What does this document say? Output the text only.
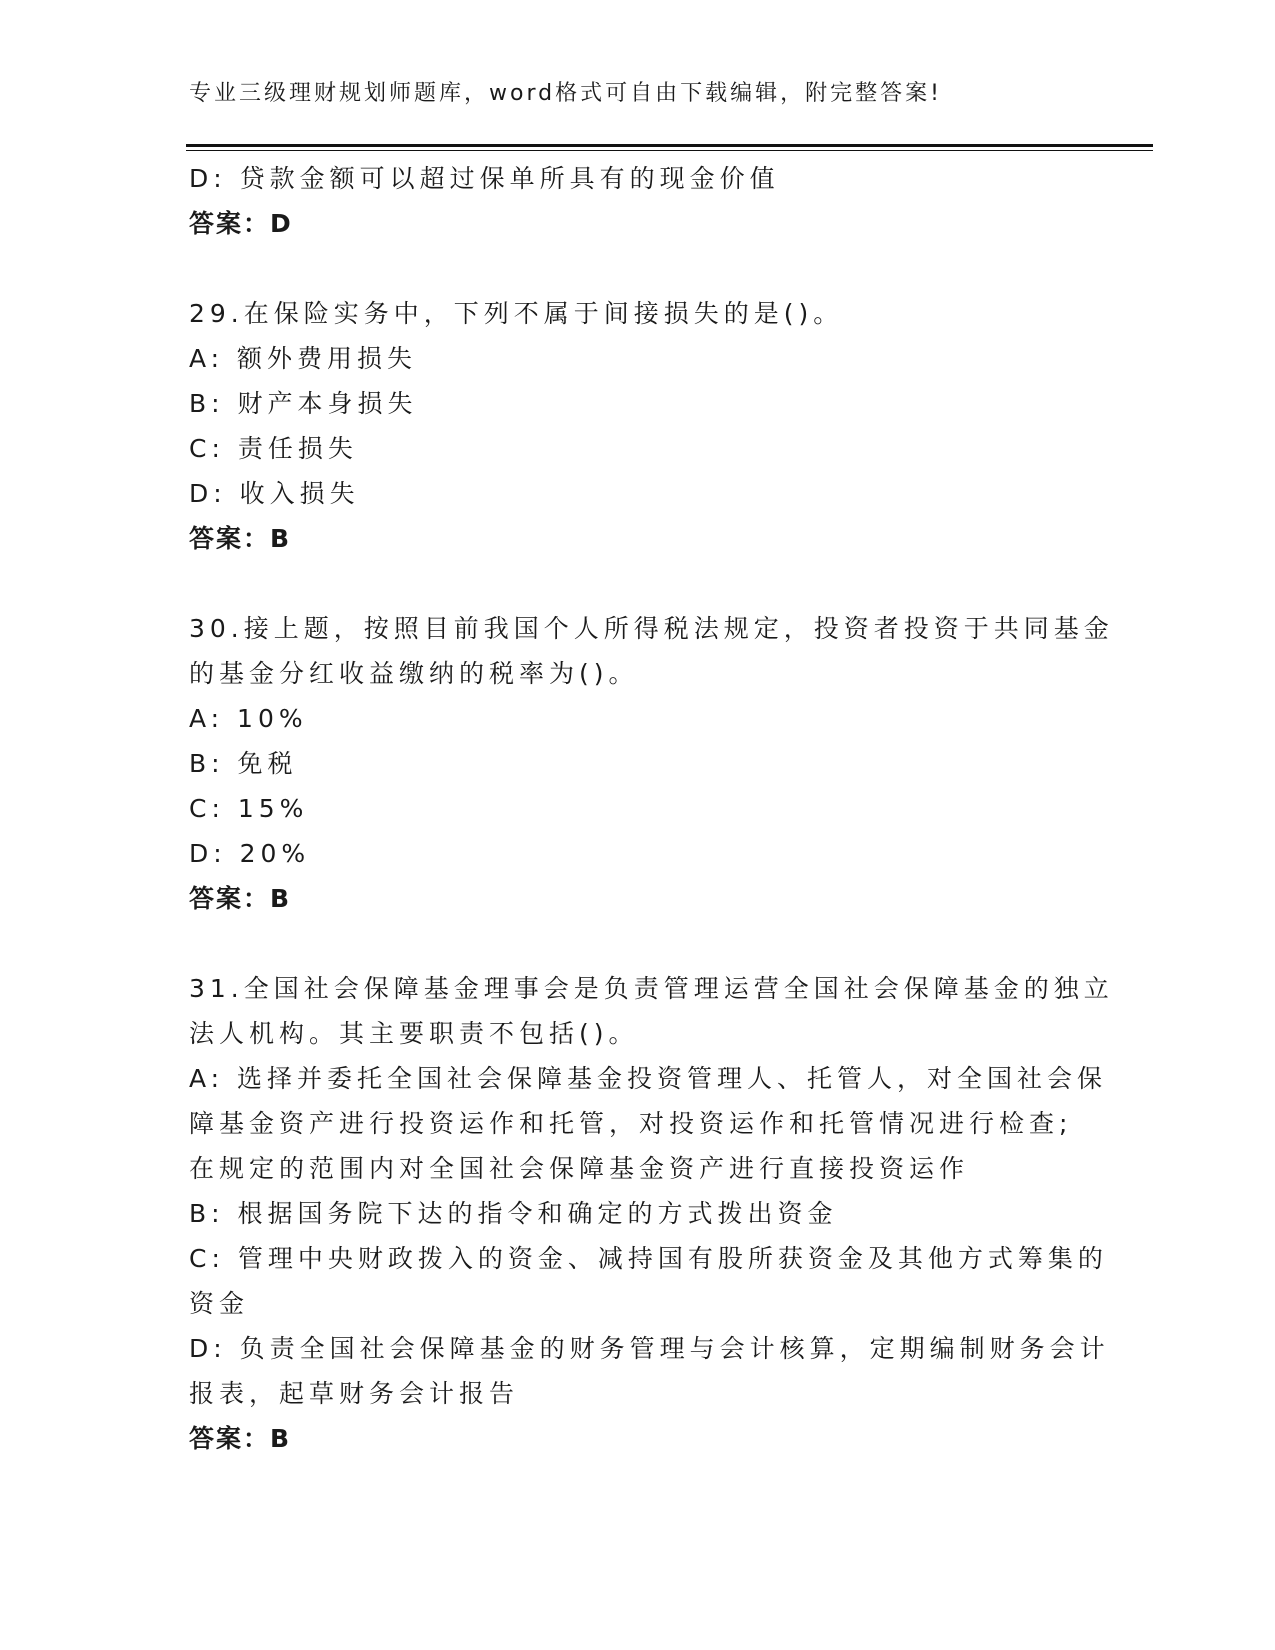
专业三级理财规划师题库，word格式可自由下载编辑，附完整答案!
D: 贷款金额可以超过保单所具有的现金价值
答案：D
29.在保险实务中，下列不属于间接损失的是()。
A: 额外费用损失
B: 财产本身损失
C: 责任损失
D: 收入损失
答案：B
30.接上题，按照目前我国个人所得税法规定，投资者投资于共同基金
的基金分红收益缴纳的税率为()。
A: 10%
B: 免税
C: 15%
D: 20%
答案：B
31.全国社会保障基金理事会是负责管理运营全国社会保障基金的独立
法人机构。其主要职责不包括()。
A: 选择并委托全国社会保障基金投资管理人、托管人，对全国社会保
障基金资产进行投资运作和托管，对投资运作和托管情况进行检查;
在规定的范围内对全国社会保障基金资产进行直接投资运作
B: 根据国务院下达的指令和确定的方式拨出资金
C: 管理中央财政拨入的资金、减持国有股所获资金及其他方式筹集的
资金
D: 负责全国社会保障基金的财务管理与会计核算，定期编制财务会计
报表，起草财务会计报告
答案：B
